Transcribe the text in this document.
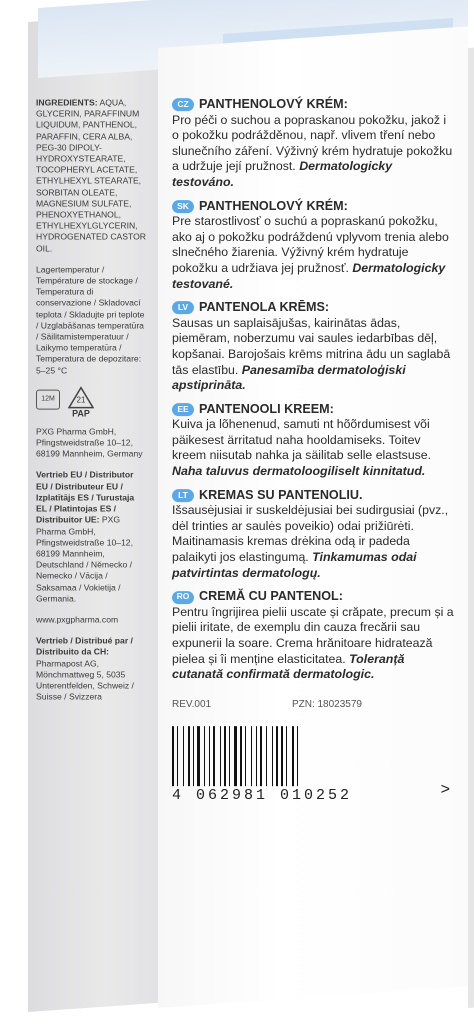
INGREDIENTS: AQUA, GLYCERIN, PARAFFINUM LIQUIDUM, PANTHENOL, PARAFFIN, CERA ALBA, PEG-30 DIPOLY-HYDROXYSTEARATE, TOCOPHERYL ACETATE, ETHYLHEXYL STEARATE, SORBITAN OLEATE, MAGNESIUM SULFATE, PHENOXYETHANOL, ETHYLHEXYLGLYCERIN, HYDROGENATED CASTOR OIL.

Lagertemperatur / Température de stockage / Temperatura di conservazione / Skladovací teplota / Skladujte pri teplote / Uzglabāšanas temperatūra / Säilitamistemperatuur / Laikymo temperatūra / Temperatura de depozitare: 5–25 °C

12M	21
PAP

PXG Pharma GmbH, Pfingstweidstraße 10–12, 68199 Mannheim, Germany

Vertrieb EU / Distributor EU / Distributeur EU / Izplatītājs ES / Turustaja EL / Platintojas ES / Distribuitor UE: PXG Pharma GmbH, Pfingstweidstraße 10–12, 68199 Mannheim, Deutschland / Německo / Nemecko / Vācija / Saksamaa / Vokietija / Germania.

www.pxgpharma.com

Vertrieb / Distribué par / Distribuito da CH: Pharmapost AG, Mönchmattweg 5, 5035 Unterentfelden, Schweiz / Suisse / Svizzera

CZ PANTHENOLOVÝ KRÉM:
Pro péči o suchou a popraskanou pokožku, jakož i o pokožku podrážděnou, např. vlivem tření nebo slunečního záření. Výživný krém hydratuje pokožku a udržuje její pružnost. Dermatologicky testováno.
SK PANTHENOLOVÝ KRÉM:
Pre starostlivosť o suchú a popraskanú pokožku, ako aj o pokožku podráždenú vplyvom trenia alebo slnečného žiarenia. Výživný krém hydratuje pokožku a udržiava jej pružnosť. Dermatologicky testované.
LV PANTENOLA KRĒMS:
Sausas un saplaisājušas, kairinātas ādas, piemēram, noberzumu vai saules iedarbības dēļ, kopšanai. Barojošais krēms mitrina ādu un saglabā tās elastību. Panesamība dermatoloģiski apstiprināta.
EE PANTENOOLI KREEM:
Kuiva ja lõhenenud, samuti nt hõõrdumisest või päikesest ärritatud naha hooldamiseks. Toitev kreem niisutab nahka ja säilitab selle elastsuse. Naha taluvus dermatoloogiliselt kinnitatud.
LT KREMAS SU PANTENOLIU.
Išsausėjusiai ir suskeldėjusiai bei sudirgusiai (pvz., dėl trinties ar saulės poveikio) odai prižiūrėti. Maitinamasis kremas drėkina odą ir padeda palaikyti jos elastingumą. Tinkamumas odai patvirtintas dermatologų.
RO CREMĂ CU PANTENOL:
Pentru îngrijirea pielii uscate și crăpate, precum și a pielii iritate, de exemplu din cauza frecării sau expunerii la soare. Crema hrănitoare hidratează pielea și îi menține elasticitatea. Toleranță cutanată confirmată dermatologic.
REV.001	PZN: 18023579
4 062981 010252	>
